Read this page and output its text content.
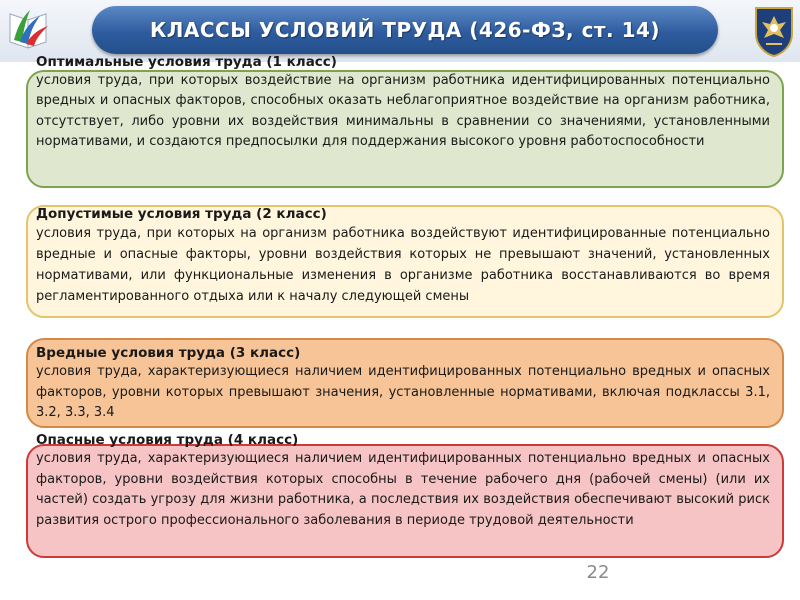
КЛАССЫ УСЛОВИЙ ТРУДА (426-ФЗ, ст. 14)
Оптимальные условия труда (1 класс)
условия труда, при которых воздействие на организм работника идентифицированных потенциально вредных и опасных факторов, способных оказать неблагоприятное воздействие на организм работника, отсутствует, либо уровни их воздействия минимальны в сравнении со значениями, установленными нормативами, и создаются предпосылки для поддержания высокого уровня работоспособности
Допустимые условия труда (2 класс)
условия труда, при которых на организм работника воздействуют идентифицированные потенциально вредные и опасные факторы, уровни воздействия которых не превышают значений, установленных нормативами, или функциональные изменения в организме работника восстанавливаются во время регламентированного отдыха или к началу следующей смены
Вредные условия труда (3 класс)
условия труда, характеризующиеся наличием идентифицированных потенциально вредных и опасных факторов, уровни которых превышают значения, установленные нормативами, включая подклассы 3.1, 3.2, 3.3, 3.4
Опасные условия труда (4 класс)
условия труда, характеризующиеся наличием идентифицированных потенциально вредных и опасных факторов, уровни воздействия которых способны в течение рабочего дня (рабочей смены) (или их частей) создать угрозу для жизни работника, а последствия их воздействия обеспечивают высокий риск развития острого профессионального заболевания в периоде трудовой деятельности
22
